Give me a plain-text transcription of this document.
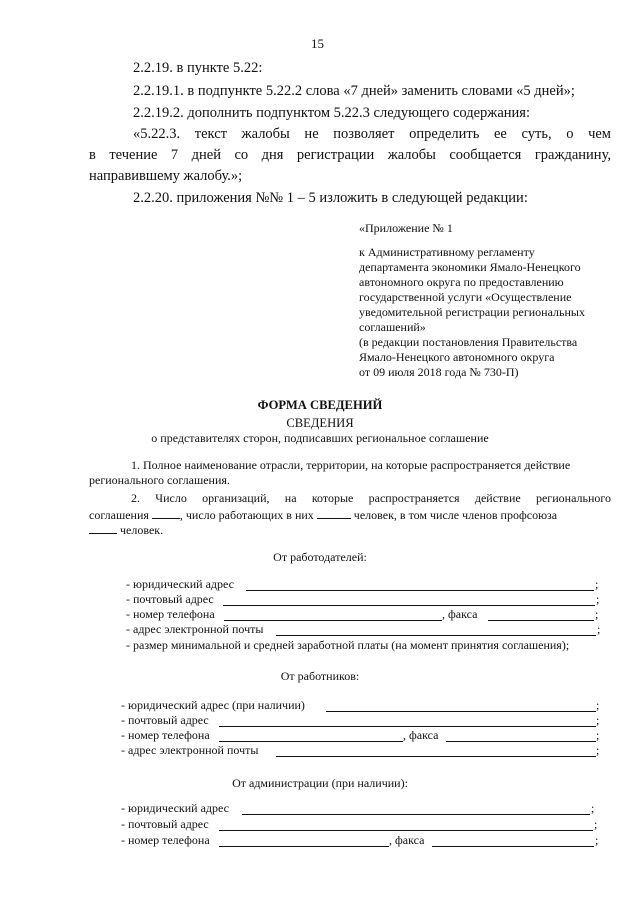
15
2.2.19. в пункте 5.22:
2.2.19.1. в подпункте 5.22.2 слова «7 дней» заменить словами «5 дней»;
2.2.19.2. дополнить подпунктом 5.22.3 следующего содержания:
«5.22.3. текст жалобы не позволяет определить ее суть, о чем
в течение 7 дней со дня регистрации жалобы сообщается гражданину,
направившему жалобу.»;
2.2.20. приложения №№ 1 – 5 изложить в следующей редакции:
«Приложение № 1
к Административному регламенту
департамента экономики Ямало-Ненецкого
автономного округа по предоставлению
государственной услуги «Осуществление
уведомительной регистрации региональных
соглашений»
(в редакции постановления Правительства
Ямало-Ненецкого автономного округа
от 09 июля 2018 года № 730-П)
ФОРМА СВЕДЕНИЙ
СВЕДЕНИЯ
о представителях сторон, подписавших региональное соглашение
1. Полное наименование отрасли, территории, на которые распространяется действие
регионального соглашения.
2. Число организаций, на которые распространяется действие регионального
соглашения	, число работающих в них	человек, в том числе членов профсоюза
человек.
От работодателей:
- юридический адрес	;
- почтовый адрес	;
- номер телефона	, факса	;
- адрес электронной почты	;
- размер минимальной и средней заработной платы (на момент принятия соглашения);
От работников:
- юридический адрес (при наличии)	;
- почтовый адрес	;
- номер телефона	, факса	;
- адрес электронной почты	;
От администрации (при наличии):
- юридический адрес	;
- почтовый адрес	;
- номер телефона	, факса	;
